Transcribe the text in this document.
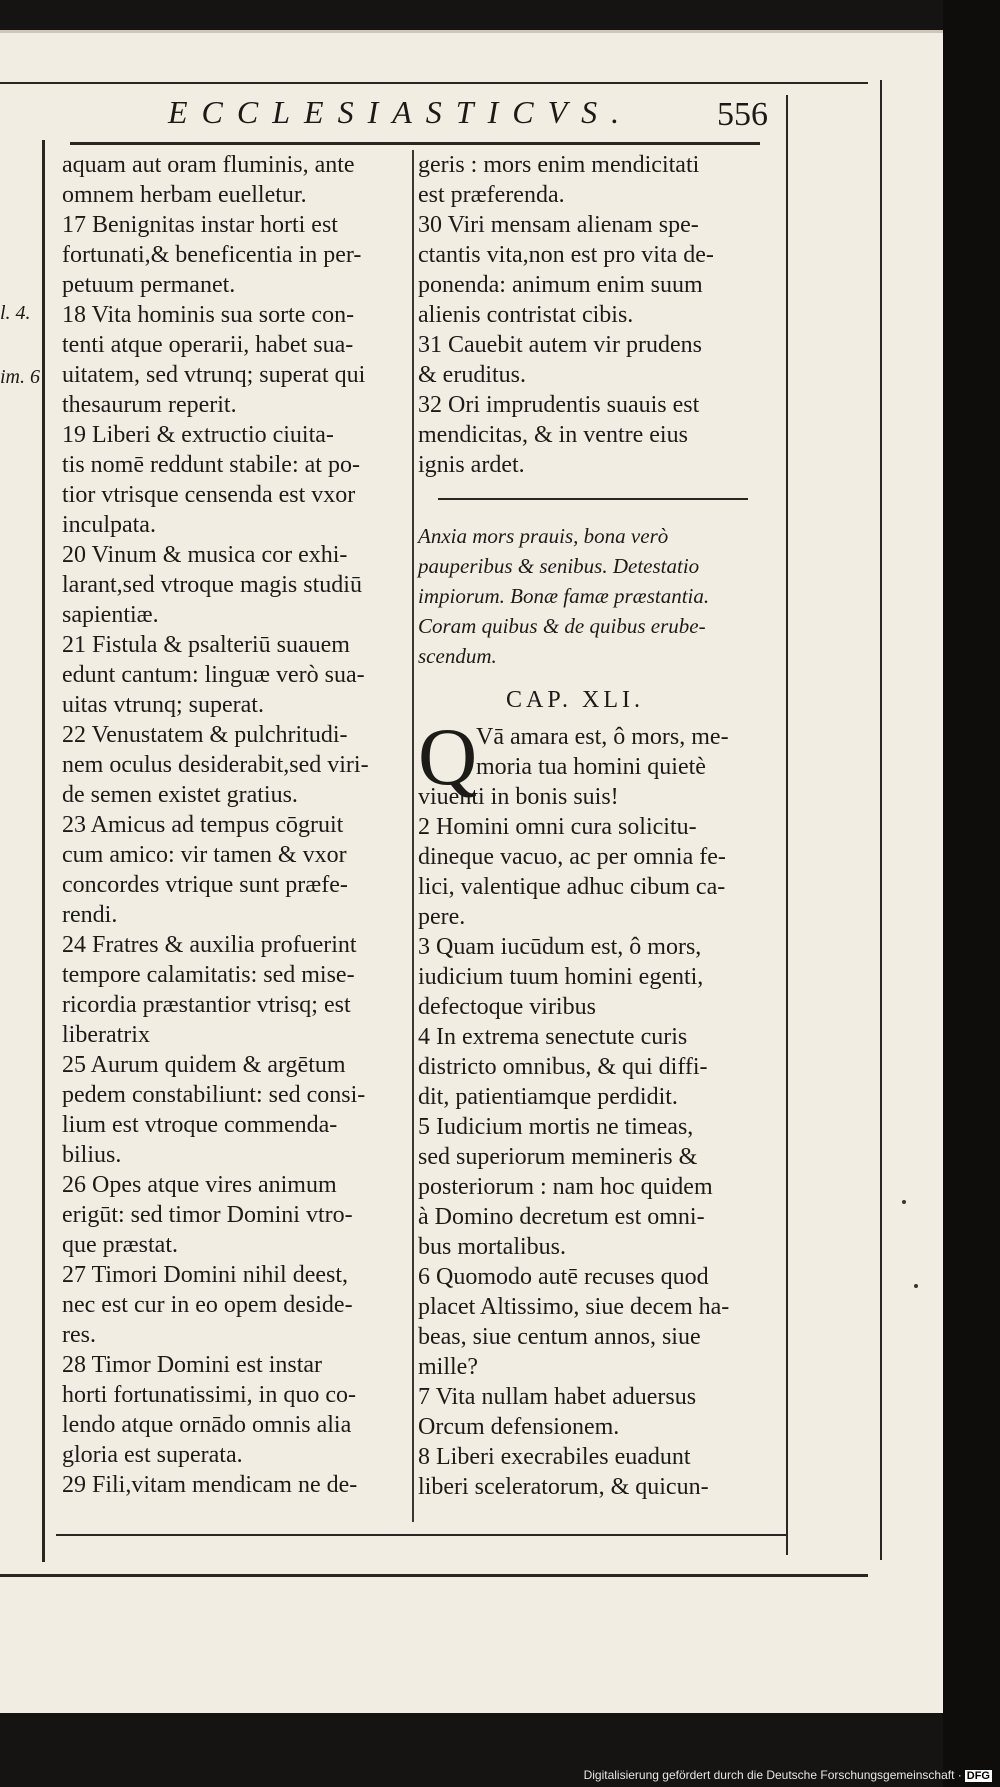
ECCLESIASTICVS. 556
l. 4.
im. 6
aquam aut oram fluminis, ante
omnem herbam euelletur.
17 Benignitas instar horti est
fortunati,& beneficentia in per-
petuum permanet.
18 Vita hominis sua sorte con-
tenti atque operarii, habet sua-
uitatem, sed vtrunq; superat qui
thesaurum reperit.
19 Liberi & extructio ciuita-
tis nomē reddunt stabile: at po-
tior vtrisque censenda est vxor
inculpata.
20 Vinum & musica cor exhi-
larant,sed vtroque magis studiū
sapientiæ.
21 Fistula & psalteriū suauem
edunt cantum: linguæ verò sua-
uitas vtrunq; superat.
22 Venustatem & pulchritudi-
nem oculus desiderabit,sed viri-
de semen existet gratius.
23 Amicus ad tempus cōgruit
cum amico: vir tamen & vxor
concordes vtrique sunt præfe-
rendi.
24 Fratres & auxilia profuerint
tempore calamitatis: sed mise-
ricordia præstantior vtrisq; est
liberatrix
25 Aurum quidem & argētum
pedem constabiliunt: sed consi-
lium est vtroque commenda-
bilius.
26 Opes atque vires animum
erigūt: sed timor Domini vtro-
que præstat.
27 Timori Domini nihil deest,
nec est cur in eo opem deside-
res.
28 Timor Domini est instar
horti fortunatissimi, in quo co-
lendo atque ornādo omnis alia
gloria est superata.
29 Fili,vitam mendicam ne de-
geris : mors enim mendicitati
est præferenda.
30 Viri mensam alienam spe-
ctantis vita,non est pro vita de-
ponenda: animum enim suum
alienis contristat cibis.
31 Cauebit autem vir prudens
& eruditus.
32 Ori imprudentis suauis est
mendicitas, & in ventre eius
ignis ardet.
Anxia mors prauis, bona verò
pauperibus & senibus. Detestatio
impiorum. Bonæ famæ præstantia.
Coram quibus & de quibus erube-
scendum.
CAP. XLI.
Vā amara est, ô mors, me-
moria tua homini quietè
viuenti in bonis suis!
2 Homini omni cura solicitu-
dineque vacuo, ac per omnia fe-
lici, valentique adhuc cibum ca-
pere.
3 Quam iucūdum est, ô mors,
iudicium tuum homini egenti,
defectoque viribus
4 In extrema senectute curis
districto omnibus, & qui diffi-
dit, patientiamque perdidit.
5 Iudicium mortis ne timeas,
sed superiorum memineris &
posteriorum : nam hoc quidem
à Domino decretum est omni-
bus mortalibus.
6 Quomodo autē recuses quod
placet Altissimo, siue decem ha-
beas, siue centum annos, siue
mille?
7 Vita nullam habet aduersus
Orcum defensionem.
8 Liberi execrabiles euadunt
liberi sceleratorum, & quicun-
Q
Digitalisierung gefördert durch die Deutsche Forschungsgemeinschaft · DFG
